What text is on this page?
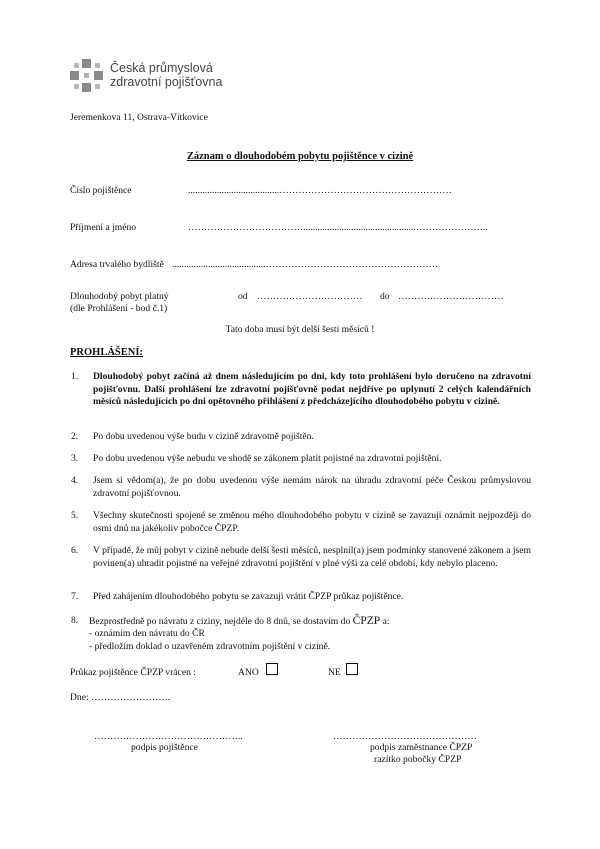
Česká průmyslová
zdravotní pojišťovna
Jeremenkova 11, Ostrava-Vítkovice
Záznam o dlouhodobém pobytu pojištěnce v cizině
Číslo pojištěnce	......................................………………………………………………
Příjmení a jméno	………………………………...............................................…………………..
Adresa trvalého bydliště .......................................………………………………………………
Dlouhodobý pobyt platný
(dle Prohlášení - bod č.1)
od …………………………… do ……………………………
Tato doba musí být delší šesti měsíců !
PROHLÁŠENÍ:
1. Dlouhodobý pobyt začíná až dnem následujícím po dni, kdy toto prohlášení bylo doručeno na zdravotní pojišťovnu. Další prohlášení lze zdravotní pojišťovně podat nejdříve po uplynutí 2 celých kalendářních měsíců následujících po dni opětovného přihlášení z předcházejícího dlouhodobého pobytu v cizině.
2. Po dobu uvedenou výše budu v cizině zdravotně pojištěn.
3. Po dobu uvedenou výše nebudu ve shodě se zákonem platit pojistné na zdravotní pojištění.
4. Jsem si vědom(a), že po dobu uvedenou výše nemám nárok na úhradu zdravotní péče Českou průmyslovou zdravotní pojišťovnou.
5. Všechny skutečnosti spojené se změnou mého dlouhodobého pobytu v cizině se zavazuji oznámit nejpozději do osmi dnů na jakékoliv pobočce ČPZP.
6. V případě, že můj pobyt v cizině nebude delší šesti měsíců, nesplnil(a) jsem podmínky stanovené zákonem a jsem povinen(a) uhradit pojistné na veřejné zdravotní pojištění v plné výši za celé období, kdy nebylo placeno.
7. Před zahájením dlouhodobého pobytu se zavazuji vrátit ČPZP průkaz pojištěnce.
8. Bezprostředně po návratu z ciziny, nejdéle do 8 dnů, se dostavím do ČPZP a:
- oznámím den návratu do ČR
- předložím doklad o uzavřeném zdravotním pojištění v cizině.
Průkaz pojištěnce ČPZP vrácen :	ANO	NE
Dne: …………………….
………………………………………..
podpis pojištěnce
………………………………………
podpis zaměstnance ČPZP
razítko pobočky ČPZP
